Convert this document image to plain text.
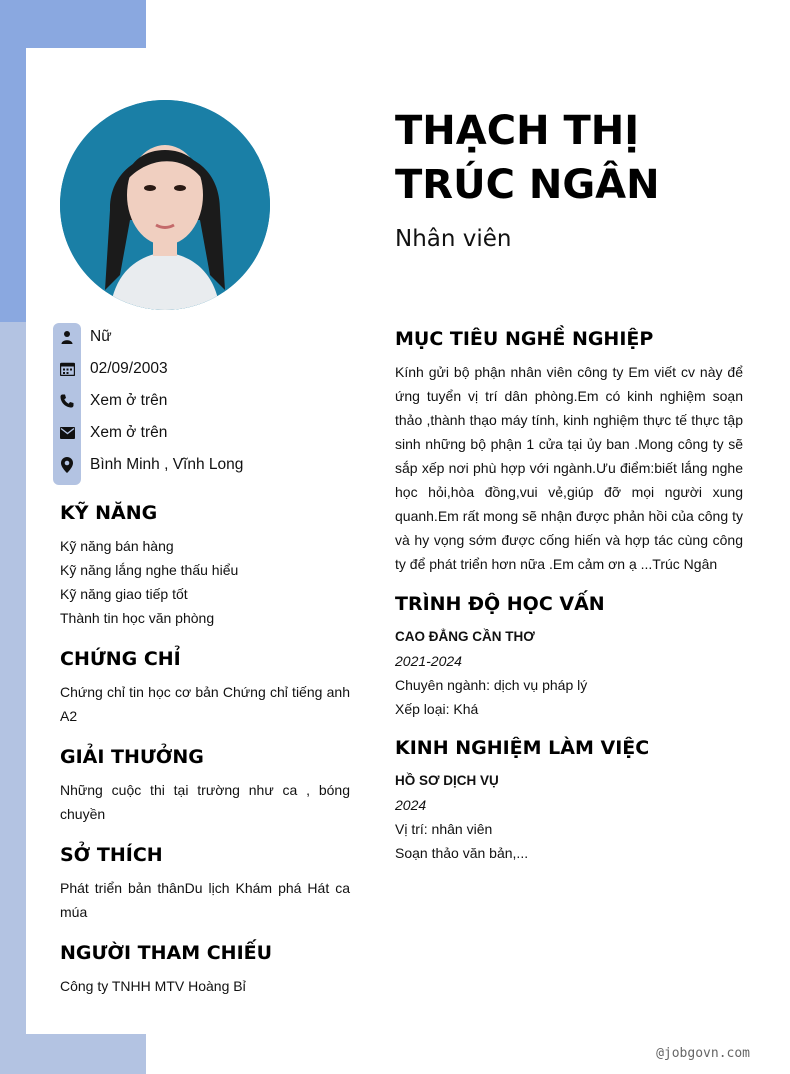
THẠCH THỊ TRÚC NGÂN
Nhân viên
Nữ
02/09/2003
Xem ở trên
Xem ở trên
Bình Minh , Vĩnh Long
KỸ NĂNG
Kỹ năng bán hàng
Kỹ năng lắng nghe thấu hiểu
Kỹ năng giao tiếp tốt
Thành tin học văn phòng
CHỨNG CHỈ
Chứng chỉ tin học cơ bản Chứng chỉ tiếng anh A2
GIẢI THƯỞNG
Những cuộc thi tại trường như ca , bóng chuyền
SỞ THÍCH
Phát triển bản thânDu lịch Khám phá Hát ca múa
NGƯỜI THAM CHIẾU
Công ty TNHH MTV Hoàng Bỉ
MỤC TIÊU NGHỀ NGHIỆP
Kính gửi bộ phận nhân viên công ty Em viết cv này để ứng tuyển vị trí dân phòng.Em có kinh nghiệm soạn thảo ,thành thạo máy tính, kinh nghiệm thực tế thực tập sinh những bộ phận 1 cửa tại ủy ban .Mong công ty sẽ sắp xếp nơi phù hợp với ngành.Ưu điểm:biết lắng nghe học hỏi,hòa đồng,vui vẻ,giúp đỡ mọi người xung quanh.Em rất mong sẽ nhận được phản hồi của công ty và hy vọng sớm được cống hiến và hợp tác cùng công ty để phát triển hơn nữa .Em cảm ơn ạ ...Trúc Ngân
TRÌNH ĐỘ HỌC VẤN
CAO ĐẲNG CẦN THƠ
2021-2024
Chuyên ngành: dịch vụ pháp lý
Xếp loại: Khá
KINH NGHIỆM LÀM VIỆC
HỒ SƠ DỊCH VỤ
2024
Vị trí: nhân viên
Soạn thảo văn bản,...
@jobgovn.com
